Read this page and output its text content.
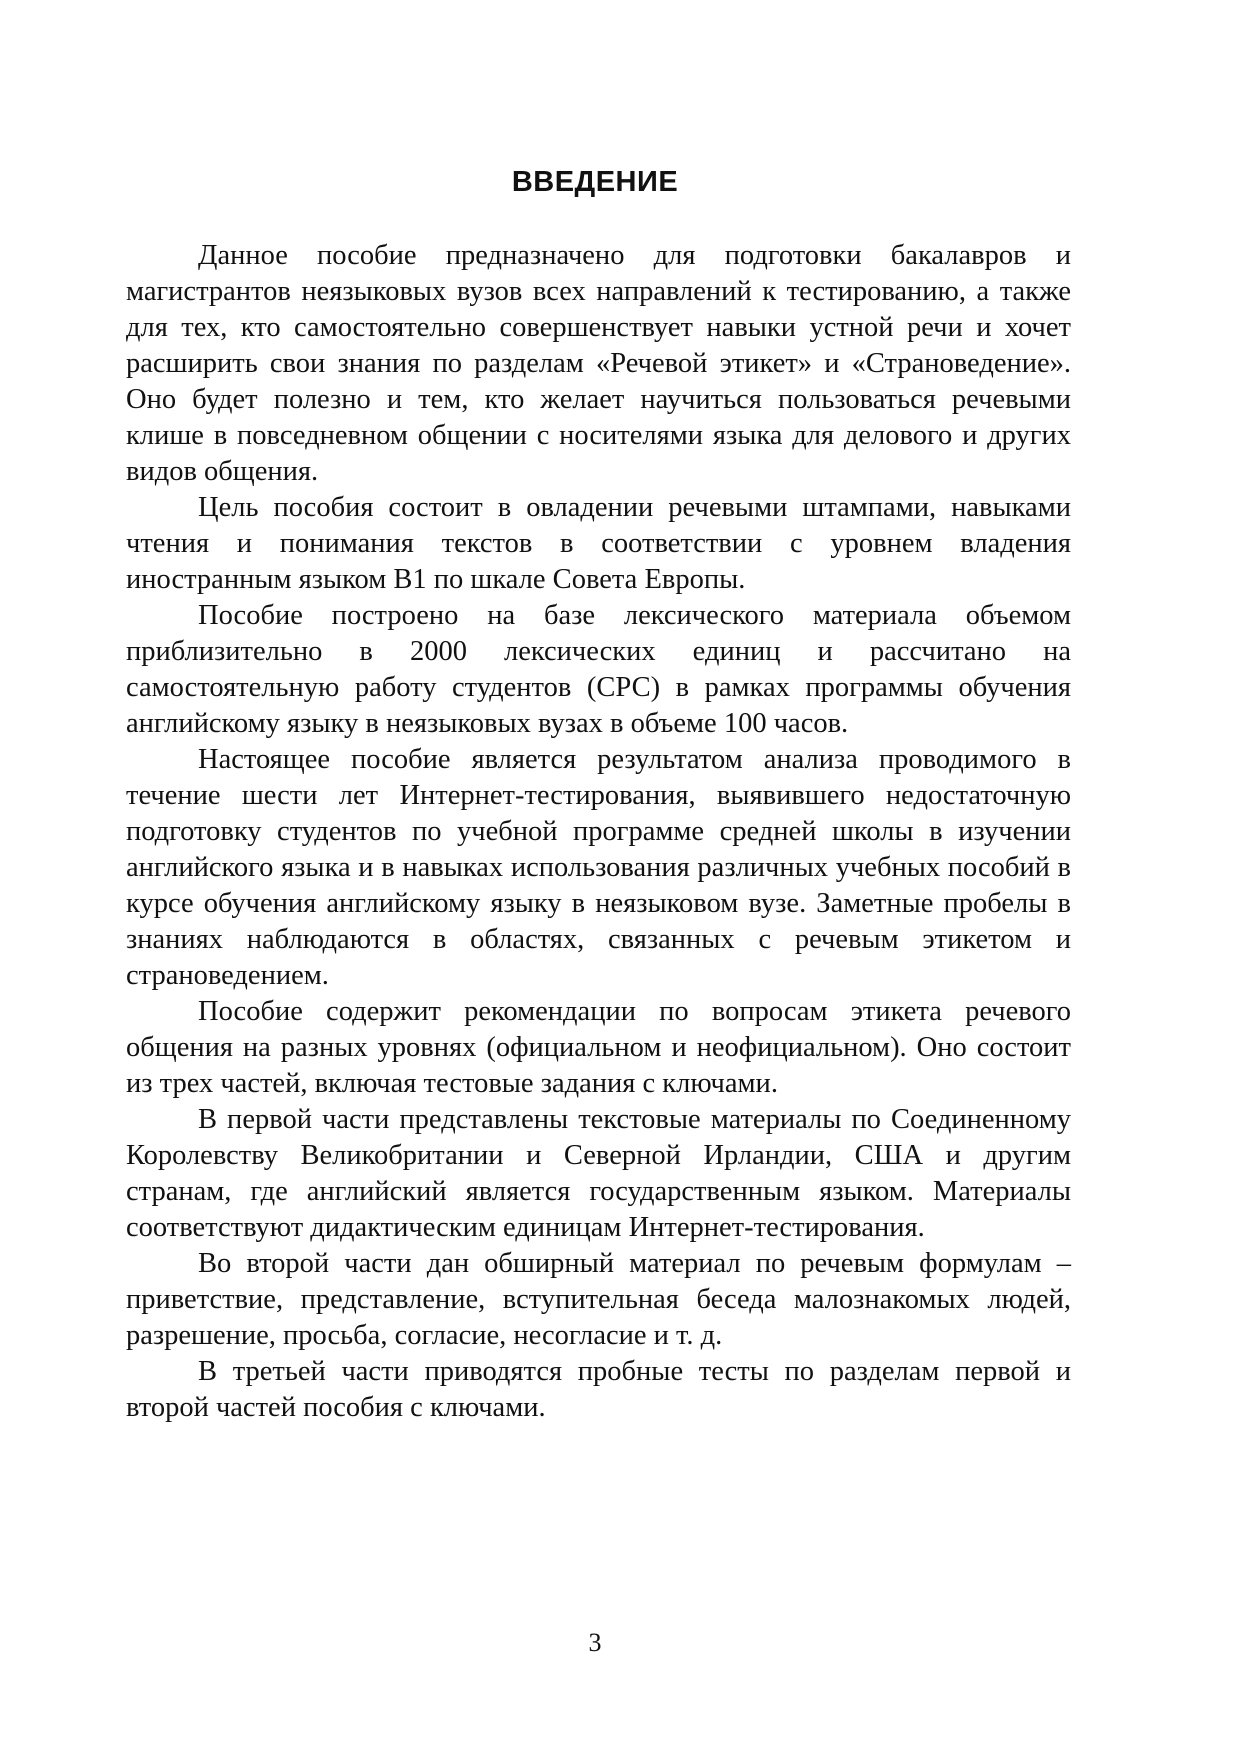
ВВЕДЕНИЕ

Данное пособие предназначено для подготовки бакалавров и магистрантов неязыковых вузов всех направлений к тестированию, а также для тех, кто самостоятельно совершенствует навыки устной речи и хочет расширить свои знания по разделам «Речевой этикет» и «Страноведение». Оно будет полезно и тем, кто желает научиться пользоваться речевыми клише в повседневном общении с носителями языка для делового и других видов общения.

Цель пособия состоит в овладении речевыми штампами, навыками чтения и понимания текстов в соответствии с уровнем владения иностранным языком В1 по шкале Совета Европы.

Пособие построено на базе лексического материала объемом приблизительно в 2000 лексических единиц и рассчитано на самостоятельную работу студентов (СРС) в рамках программы обучения английскому языку в неязыковых вузах в объеме 100 часов.

Настоящее пособие является результатом анализа проводимого в течение шести лет Интернет-тестирования, выявившего недостаточную подготовку студентов по учебной программе средней школы в изучении английского языка и в навыках использования различных учебных пособий в курсе обучения английскому языку в неязыковом вузе. Заметные пробелы в знаниях наблюдаются в областях, связанных с речевым этикетом и страноведением.

Пособие содержит рекомендации по вопросам этикета речевого общения на разных уровнях (официальном и неофициальном). Оно состоит из трех частей, включая тестовые задания с ключами.

В первой части представлены текстовые материалы по Соединенному Королевству Великобритании и Северной Ирландии, США и другим странам, где английский является государственным языком. Материалы соответствуют дидактическим единицам Интернет-тестирования.

Во второй части дан обширный материал по речевым формулам – приветствие, представление, вступительная беседа малознакомых людей, разрешение, просьба, согласие, несогласие и т. д.

В третьей части приводятся пробные тесты по разделам первой и второй частей пособия с ключами.

3
